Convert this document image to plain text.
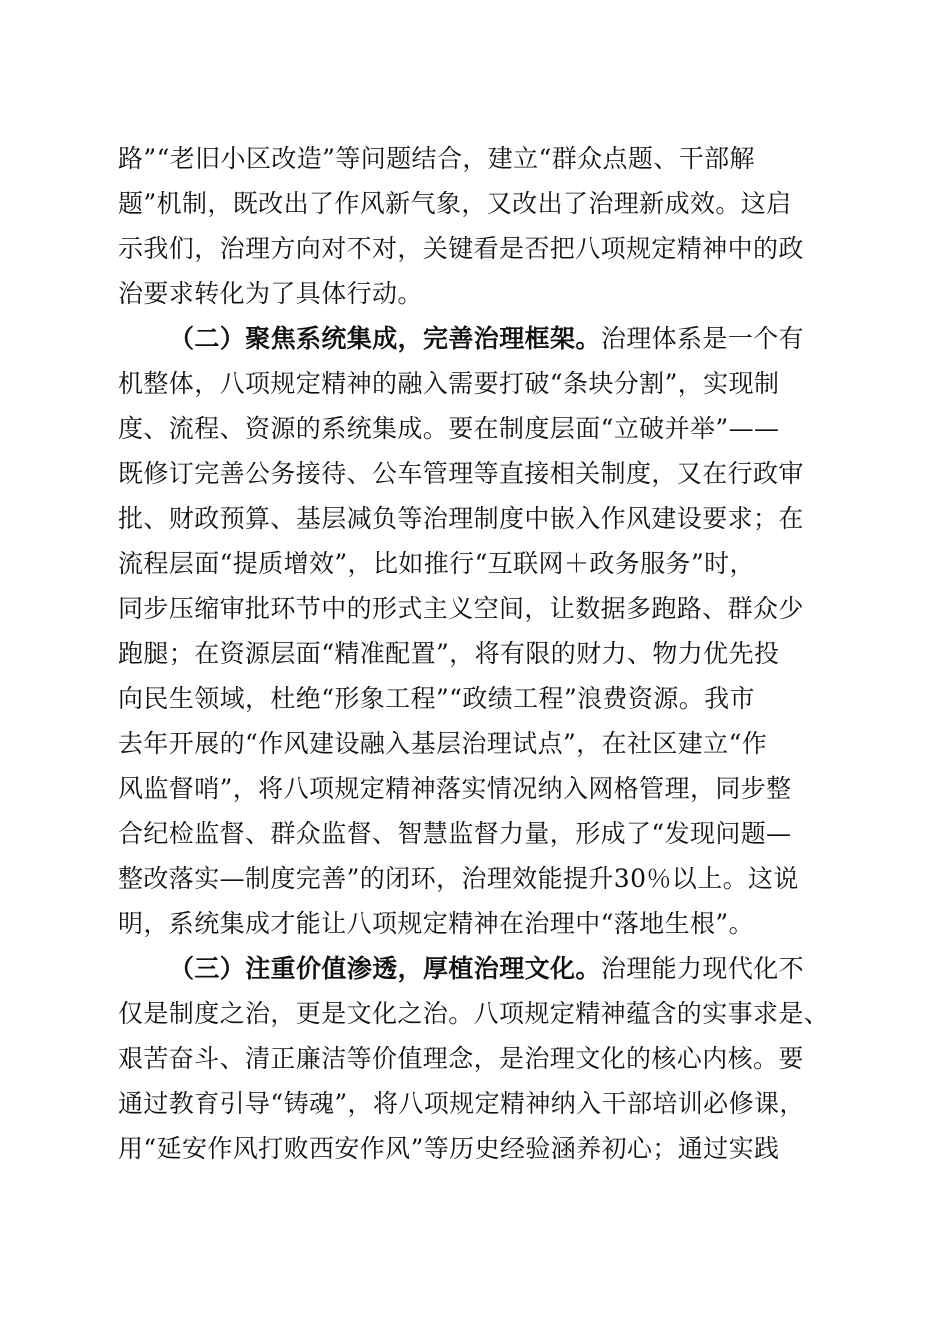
路”“老旧小区改造”等问题结合，建立“群众点题、干部解
题”机制，既改出了作风新气象，又改出了治理新成效。这启
示我们，治理方向对不对，关键看是否把八项规定精神中的政
治要求转化为了具体行动。
（二）聚焦系统集成，完善治理框架。治理体系是一个有
机整体，八项规定精神的融入需要打破“条块分割”，实现制
度、流程、资源的系统集成。要在制度层面“立破并举”——
既修订完善公务接待、公车管理等直接相关制度，又在行政审
批、财政预算、基层减负等治理制度中嵌入作风建设要求；在
流程层面“提质增效”，比如推行“互联网＋政务服务”时，
同步压缩审批环节中的形式主义空间，让数据多跑路、群众少
跑腿；在资源层面“精准配置”，将有限的财力、物力优先投
向民生领域，杜绝“形象工程”“政绩工程”浪费资源。我市
去年开展的“作风建设融入基层治理试点”，在社区建立“作
风监督哨”，将八项规定精神落实情况纳入网格管理，同步整
合纪检监督、群众监督、智慧监督力量，形成了“发现问题—
整改落实—制度完善”的闭环，治理效能提升30％以上。这说
明，系统集成才能让八项规定精神在治理中“落地生根”。
（三）注重价值渗透，厚植治理文化。治理能力现代化不
仅是制度之治，更是文化之治。八项规定精神蕴含的实事求是、
艰苦奋斗、清正廉洁等价值理念，是治理文化的核心内核。要
通过教育引导“铸魂”，将八项规定精神纳入干部培训必修课，
用“延安作风打败西安作风”等历史经验涵养初心；通过实践
